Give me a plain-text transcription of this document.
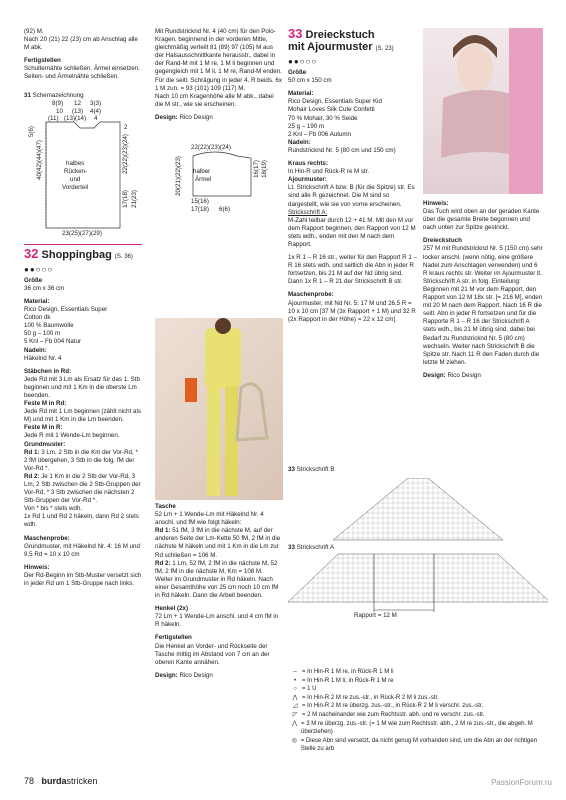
(92) M.
Nach 20 (21) 22 (23) cm ab Anschlag alle M abk.
Fertigstellen
Schulternähte schließen. Ärmel einsetzen. Seiten- und Ärmelnähte schließen.
31 Schemazeichnung
8(9) 12 3(3)
10 (13) 4(4)
(11) (13)(14) 4
5(6)
40(42)(44)(47)
2
22(22)(23)(24)
17(18) 21(23)
halbes
Rücken-
und
Vorderteil
23(25)(27)(29)
32 Shoppingbag (S. 36)
●●○○○
Größe
36 cm x 36 cm
Material:
Rico Design, Essentials Super
Cotton dk
100 % Baumwolle
50 g – 100 m
5 Knl – Fb 004 Natur
Nadeln:
Häkelnd Nr. 4
Stäbchen in Rd:
Jede Rd mit 3 Lm als Ersatz für das 1. Stb beginnen und mit 1 Km in die oberste Lm beenden.
Feste M in Rd:
Jede Rd mit 1 Lm beginnen (zählt nicht als M) und mit 1 Km in die Lm beenden.
Feste M in R:
Jede R mit 1 Wende-Lm beginnen.
Grundmuster:
Rd 1: 3 Lm, 2 Stb in die Km der Vor-Rd, * 2 fM übergehen, 3 Stb in die folg. fM der Vor-Rd *.
Rd 2: Je 1 Km in die 2 Stb der Vor-Rd, 3 Lm, 2 Stb zwischen die 2 Stb-Gruppen der Vor-Rd, * 3 Stb zwischen die nächsten 2 Stb-Gruppen der Vor-Rd *.
Von * bis * stets wdh.
1x Rd 1 und Rd 2 häkeln, dann Rd 2 stets wdh.
Maschenprobe:
Grundmuster, mit Häkelnd Nr. 4: 16 M und 9,5 Rd = 10 x 10 cm
Hinweis:
Der Rd-Beginn im Stb-Muster versetzt sich in jeder Rd um 1 Stb-Gruppe nach links.
Mit Rundstricknd Nr. 4 (40 cm) für den Polo-Kragen, beginnend in der vorderen Mitte, gleichmäßig verteilt 81 (89) 97 (105) M aus der Halsausschnittkante herausstr., dabei in der Rand-M mit 1 M re, 1 M li beginnen und gegengleich mit 1 M li, 1 M re, Rand-M enden. Für die seitl. Schrägung in jeder 4. R beids. 6x 1 M zun. = 93 (101) 109 (117) M.
Nach 10 cm Kragenhöhe alle M abk., dabei die M str., wie sie erscheinen.
Design: Rico Design
22(22)(23)(24)
halber
Ärmel
20(21)(22)(23)	16(17) 18(19)
15(16)
17(18) 6(6)
Tasche
52 Lm + 1 Wende-Lm mit Häkelnd Nr. 4 anschl. und fM wie folgt häkeln:
Rd 1: 51 fM, 3 fM in die nächste M, auf der anderen Seite der Lm-Kette 50 fM, 2 fM in die nächste M häkeln und mit 1 Km in die Lm zur Rd schließen = 106 M.
Rd 2: 1 Lm, 52 fM, 2 fM in die nächste M, 52 fM, 2 fM in die nächste M, Km = 108 M.
Weiter im Grundmuster in Rd häkeln. Nach einer Gesamthöhe von 25 cm noch 10 cm fM in Rd häkeln. Dann die Arbeit beenden.
Henkel (2x)
72 Lm + 1 Wende-Lm anschl. und 4 cm fM in R häkeln.
Fertigstellen
Die Henkel an Vorder- und Rückseite der Tasche mittig im Abstand von 7 cm an der oberen Kante annähen.
Design: Rico Design
33 Dreieckstuch
mit Ajourmuster (S. 23)
●●○○○
Größe
50 cm x 150 cm
Material:
Rico Design, Essentials Super Kid
Mohair Loves Silk Cute Confetti
70 % Mohair, 30 % Seide
25 g – 190 m
2 Knl – Fb 006 Autumn
Nadeln:
Rundstricknd Nr. 5 (80 cm und 150 cm)
Kraus rechts:
In Hin-R und Rück-R re M str.
Ajourmuster:
Lt. Strickschrift A bzw. B (für die Spitze) str. Es sind alle R gezeichnet. Die M sind so dargestellt, wie sie von vorne erscheinen.
Strickschrift A:
M-Zahl teilbar durch 12 + 41 M. Mit den M vor dem Rapport beginnen, den Rapport von 12 M stets wdh., enden mit den M nach dem Rapport.
1x R 1 – R 16 str., weiter für den Rapport R 1 – R 16 stets wdh. und seitlich die Abn in jeder R fortsetzen, bis 21 M auf der Nd übrig sind. Dann 1x R 1 – R 21 der Strickschrift B str.
Maschenprobe:
Ajourmuster, mit Nd Nr. 5: 17 M und 26,5 R = 10 x 10 cm [37 M (3x Rapport + 1 M) und 32 R (2x Rapport in der Höhe) = 22 x 12 cm]
Hinweis:
Das Tuch wird oben an der geraden Kante über die gesamte Breite begonnen und nach unten zur Spitze gestrickt.
Dreieckstuch
257 M mit Rundstricknd Nr. 5 (150 cm) sehr locker anschl. (wenn nötig, eine größere Nadel zum Anschlagen verwenden) und 6 R kraus rechts str. Weiter im Ajourmuster lt. Strickschrift A str. in folg. Einteilung: Beginnen mit 21 M vor dem Rapport, den Rapport von 12 M 18x str. [= 216 M], enden mit 20 M nach dem Rapport. Nach 16 R die seitl. Abn in jeder R fortsetzen und für die Rapporte R 1 – R 16 der Strickschrift A stets wdh., bis 21 M übrig sind, dabei bei Bedarf zu Rundstricknd Nr. 5 (80 cm) wechseln. Weiter nach Strickschrift B die Spitze str. Nach 11 R den Faden durch die letzte M ziehen.
Design: Rico Design
33 Strickschrift B
33 Strickschrift A
Rapport = 12 M
– = In Hin-R 1 M re, in Rück-R 1 M li
• = In Hin-R 1 M li, in Rück-R 1 M re
○ = 1 U
⋀ = In Hin-R 2 M re zus.-str., in Rück-R 2 M li zus.-str.
◿ = In Hin-R 2 M re überzg. zus.-str., in Rück-R 2 M li verschr. zus.-str.
◸ = 2 M nacheinander wie zum Rechtsstr. abh. und re verschr. zus.-str.
⋀ = 3 M re überzg. zus.-str. (= 1 M wie zum Rechtsstr. abh., 2 M re zus.-str., die abgeh. M überziehen)
◎ = Diese Abn sind versetzt, da nicht genug M vorhanden sind, um die Abn an der richtigen Stelle zu arb
78 burdastricken	PassionForum.ru
